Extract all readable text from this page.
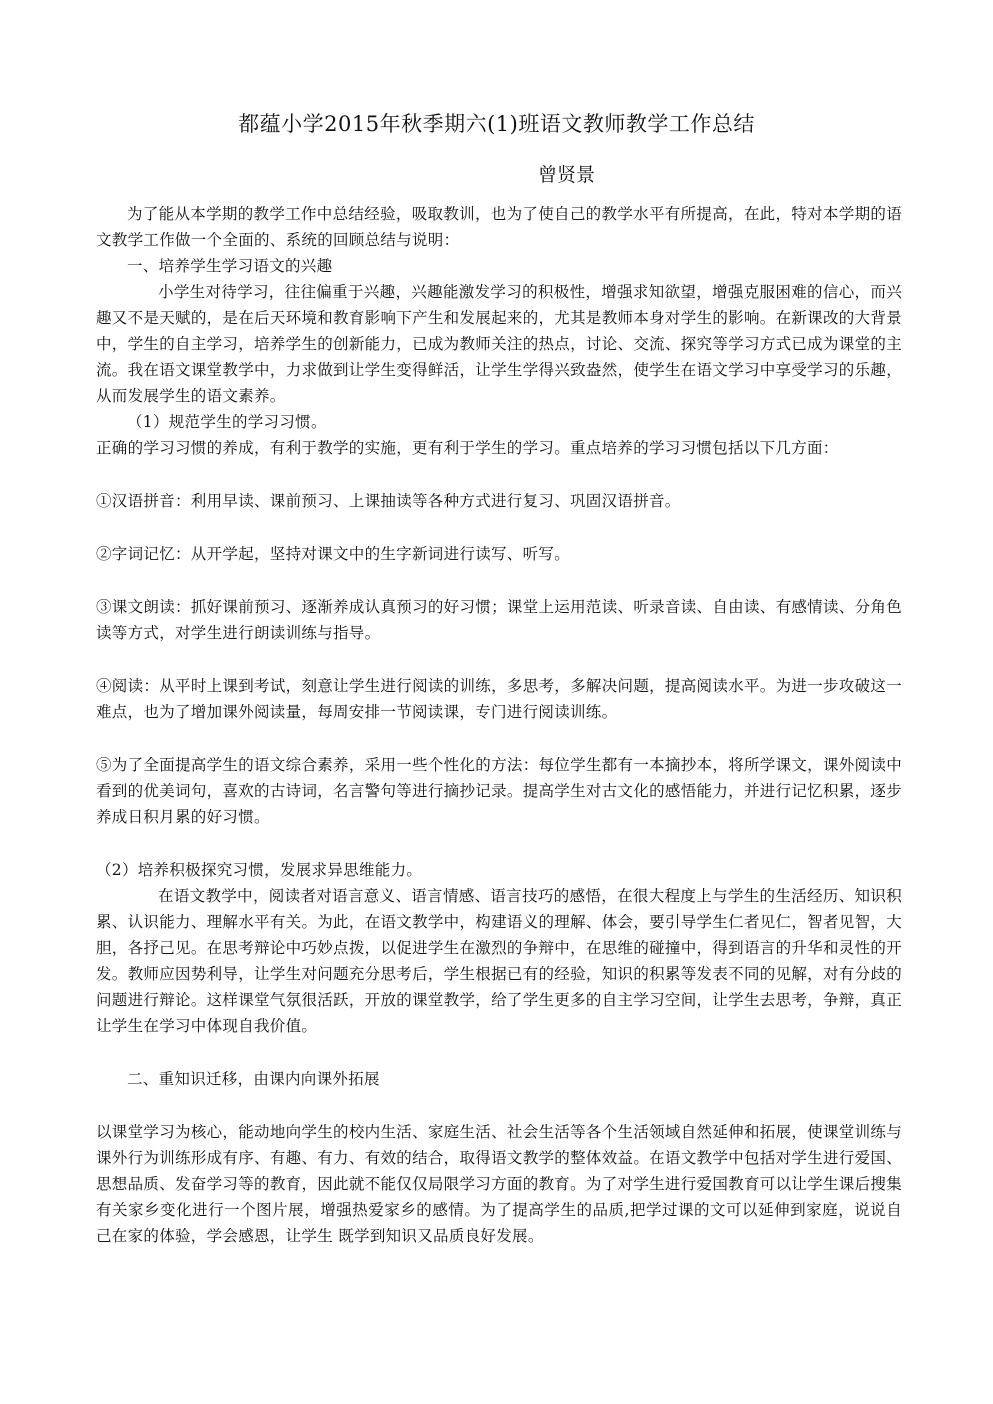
都蕴小学2015年秋季期六(1)班语文教师教学工作总结
曾贤景

为了能从本学期的教学工作中总结经验，吸取教训，也为了使自己的教学水平有所提高，在此，特对本学期的语文教学工作做一个全面的、系统的回顾总结与说明：

一、培养学生学习语文的兴趣

小学生对待学习，往往偏重于兴趣，兴趣能激发学习的积极性，增强求知欲望，增强克服困难的信心，而兴趣又不是天赋的，是在后天环境和教育影响下产生和发展起来的，尤其是教师本身对学生的影响。在新课改的大背景中，学生的自主学习，培养学生的创新能力，已成为教师关注的热点，讨论、交流、探究等学习方式已成为课堂的主流。我在语文课堂教学中，力求做到让学生变得鲜活，让学生学得兴致盎然，使学生在语文学习中享受学习的乐趣，从而发展学生的语文素养。

（1）规范学生的学习习惯。

正确的学习习惯的养成，有利于教学的实施，更有利于学生的学习。重点培养的学习习惯包括以下几方面：

①汉语拼音：利用早读、课前预习、上课抽读等各种方式进行复习、巩固汉语拼音。

②字词记忆：从开学起，坚持对课文中的生字新词进行读写、听写。

③课文朗读：抓好课前预习、逐渐养成认真预习的好习惯；课堂上运用范读、听录音读、自由读、有感情读、分角色读等方式，对学生进行朗读训练与指导。

④阅读：从平时上课到考试，刻意让学生进行阅读的训练，多思考，多解决问题，提高阅读水平。为进一步攻破这一难点，也为了增加课外阅读量，每周安排一节阅读课，专门进行阅读训练。

⑤为了全面提高学生的语文综合素养，采用一些个性化的方法：每位学生都有一本摘抄本，将所学课文，课外阅读中看到的优美词句，喜欢的古诗词，名言警句等进行摘抄记录。提高学生对古文化的感悟能力，并进行记忆积累，逐步养成日积月累的好习惯。

（2）培养积极探究习惯，发展求异思维能力。

在语文教学中，阅读者对语言意义、语言情感、语言技巧的感悟，在很大程度上与学生的生活经历、知识积累、认识能力、理解水平有关。为此，在语文教学中，构建语义的理解、体会，要引导学生仁者见仁，智者见智，大胆，各抒己见。在思考辩论中巧妙点拨，以促进学生在激烈的争辩中，在思维的碰撞中，得到语言的升华和灵性的开发。教师应因势利导，让学生对问题充分思考后，学生根据已有的经验，知识的积累等发表不同的见解，对有分歧的问题进行辩论。这样课堂气氛很活跃，开放的课堂教学，给了学生更多的自主学习空间，让学生去思考，争辩，真正让学生在学习中体现自我价值。

二、重知识迁移，由课内向课外拓展

以课堂学习为核心，能动地向学生的校内生活、家庭生活、社会生活等各个生活领域自然延伸和拓展，使课堂训练与课外行为训练形成有序、有趣、有力、有效的结合，取得语文教学的整体效益。在语文教学中包括对学生进行爱国、思想品质、发奋学习等的教育，因此就不能仅仅局限学习方面的教育。为了对学生进行爱国教育可以让学生课后搜集有关家乡变化进行一个图片展，增强热爱家乡的感情。为了提高学生的品质,把学过课的文可以延伸到家庭，说说自己在家的体验，学会感恩，让学生 既学到知识又品质良好发展。
